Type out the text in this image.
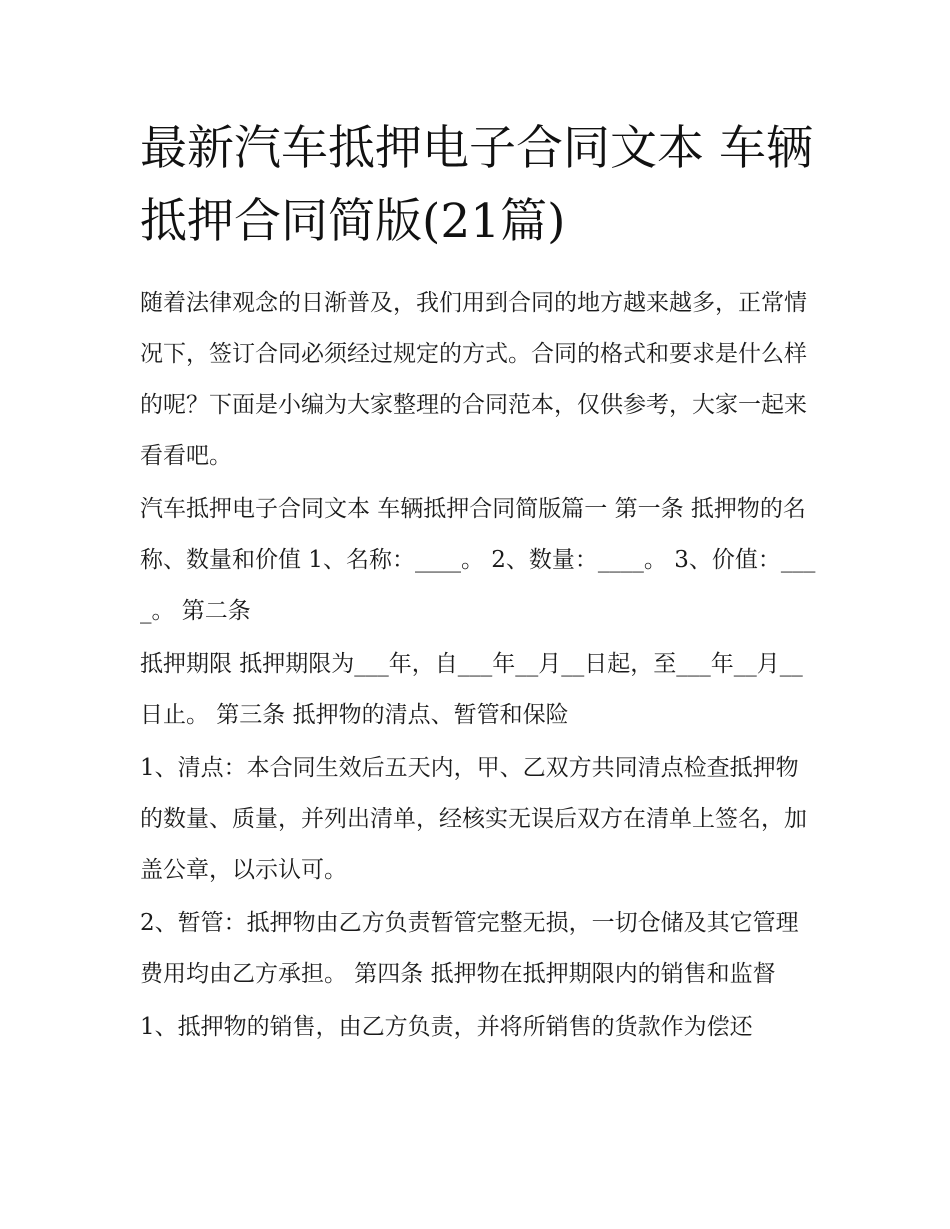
最新汽车抵押电子合同文本 车辆抵押合同简版(21篇)

随着法律观念的日渐普及，我们用到合同的地方越来越多，正常情况下，签订合同必须经过规定的方式。合同的格式和要求是什么样的呢？下面是小编为大家整理的合同范本，仅供参考，大家一起来看看吧。

汽车抵押电子合同文本 车辆抵押合同简版篇一 第一条 抵押物的名称、数量和价值 1、名称：____。 2、数量：____。 3、价值：____。 第二条

抵押期限 抵押期限为___年，自___年__月__日起，至___年__月__日止。 第三条 抵押物的清点、暂管和保险

1、清点：本合同生效后五天内，甲、乙双方共同清点检查抵押物的数量、质量，并列出清单，经核实无误后双方在清单上签名，加盖公章，以示认可。

2、暂管：抵押物由乙方负责暂管完整无损，一切仓储及其它管理费用均由乙方承担。 第四条 抵押物在抵押期限内的销售和监督

1、抵押物的销售，由乙方负责，并将所销售的货款作为偿还
